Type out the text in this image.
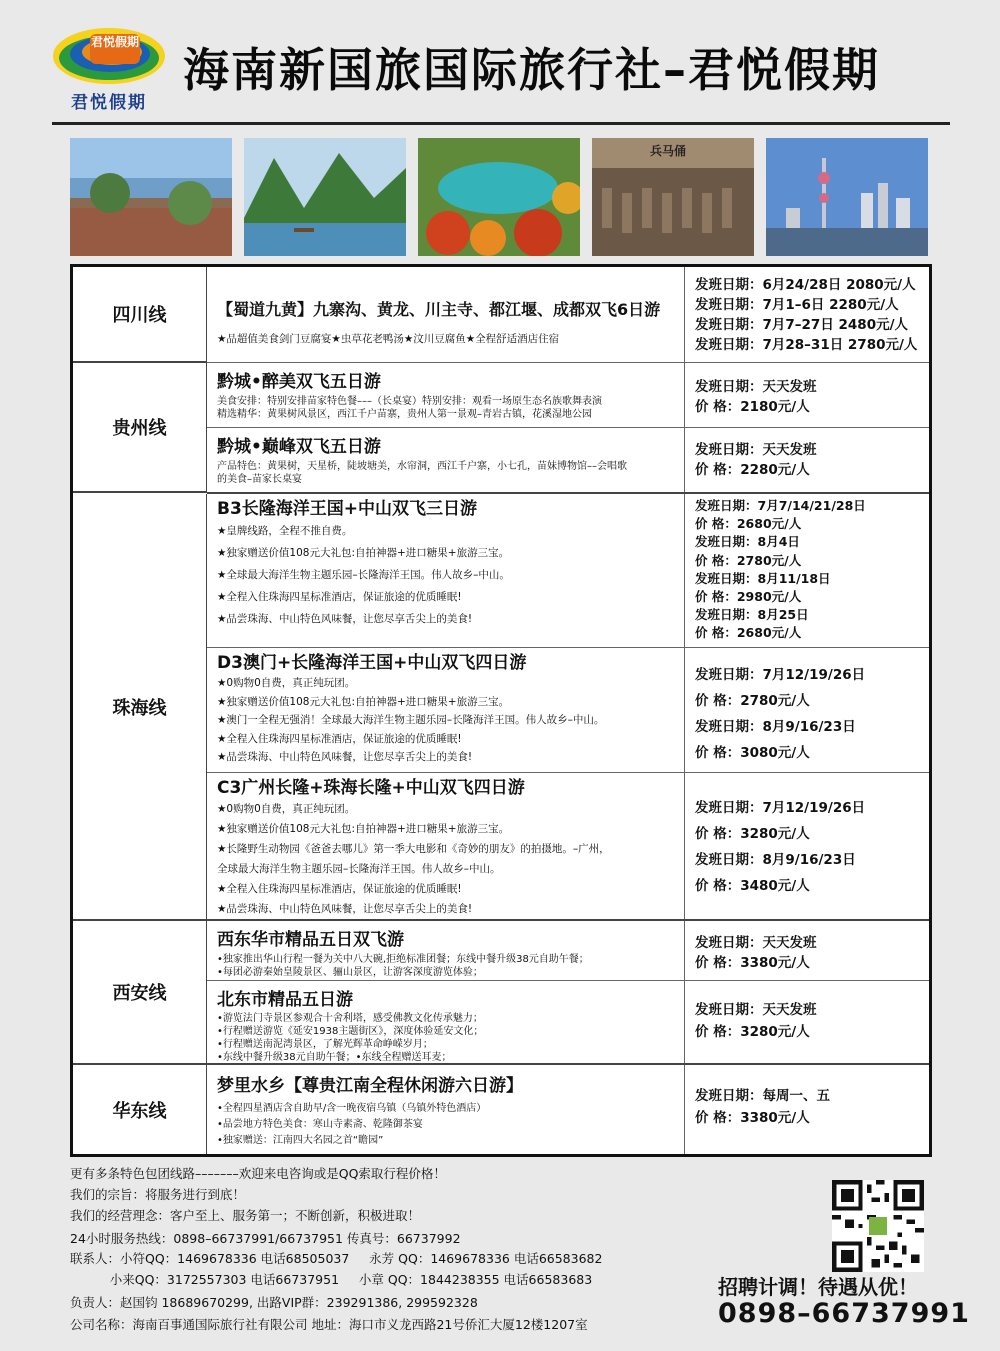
君悦假期
君悦假期
海南新国旅国际旅行社–君悦假期
兵马俑
四川线	【蜀道九黄】九寨沟、黄龙、川主寺、都江堰、成都双飞6日游
★品超值美食剑门豆腐宴★虫草花老鸭汤★汶川豆腐鱼★全程舒适酒店住宿
发班日期：6月24/28日 2080元/人
发班日期：7月1–6日 2280元/人
发班日期：7月7–27日 2480元/人
发班日期：7月28–31日 2780元/人
贵州线
黔城•醉美双飞五日游
美食安排：特别安排苗家特色餐–––（长桌宴）特别安排：观看一场原生态名族歌舞表演
精选精华：黄果树风景区，西江千户苗寨，贵州人第一景观–青岩古镇，花溪湿地公园
发班日期：天天发班
价 格：2180元/人
黔城•巅峰双飞五日游
产品特色：黄果树，天星桥，陡坡塘美，水帘洞，西江千户寨，小七孔，苗妹博物馆––会唱歌
的美食–苗家长桌宴
发班日期：天天发班
价 格：2280元/人
珠海线
B3长隆海洋王国+中山双飞三日游
★皇牌线路，全程不推自费。
★独家赠送价值108元大礼包:自拍神器+进口糖果+旅游三宝。
★全球最大海洋生物主题乐园–长隆海洋王国。伟人故乡–中山。
★全程入住珠海四星标准酒店，保证旅途的优质睡眠!
★品尝珠海、中山特色风味餐，让您尽享舌尖上的美食!
发班日期：7月7/14/21/28日
价 格：2680元/人
发班日期：8月4日
价 格：2780元/人
发班日期：8月11/18日
价 格：2980元/人
发班日期：8月25日
价 格：2680元/人
D3澳门+长隆海洋王国+中山双飞四日游
★0购物0自费，真正纯玩团。
★独家赠送价值108元大礼包:自拍神器+进口糖果+旅游三宝。
★澳门一全程无强消！全球最大海洋生物主题乐园–长隆海洋王国。伟人故乡–中山。
★全程入住珠海四星标准酒店，保证旅途的优质睡眠!
★品尝珠海、中山特色风味餐，让您尽享舌尖上的美食!
发班日期：7月12/19/26日
价 格：2780元/人
发班日期：8月9/16/23日
价 格：3080元/人
C3广州长隆+珠海长隆+中山双飞四日游
★0购物0自费，真正纯玩团。
★独家赠送价值108元大礼包:自拍神器+进口糖果+旅游三宝。
★长隆野生动物园《爸爸去哪儿》第一季大电影和《奇妙的朋友》的拍摄地。–广州，
全球最大海洋生物主题乐园–长隆海洋王国。伟人故乡–中山。
★全程入住珠海四星标准酒店，保证旅途的优质睡眠!
★品尝珠海、中山特色风味餐，让您尽享舌尖上的美食!
发班日期：7月12/19/26日
价 格：3280元/人
发班日期：8月9/16/23日
价 格：3480元/人
西安线
西东华市精品五日双飞游
•独家推出华山行程一餐为关中八大碗,拒绝标准团餐；东线中餐升级38元自助午餐；
•每团必游秦始皇陵景区、骊山景区，让游客深度游览体验；
发班日期：天天发班
价 格：3380元/人
北东市精品五日游
•游览法门寺景区参观合十舍利塔，感受佛教文化传承魅力；
•行程赠送游览《延安1938主题街区》，深度体验延安文化；
•行程赠送南泥湾景区，了解光辉革命峥嵘岁月；
•东线中餐升级38元自助午餐；•东线全程赠送耳麦；
发班日期：天天发班
价 格：3280元/人
华东线
梦里水乡【尊贵江南全程休闲游六日游】
•全程四星酒店含自助早/含一晚夜宿乌镇（乌镇外特色酒店）
•品尝地方特色美食：寒山寺素斋、乾隆御茶宴
•独家赠送：江南四大名园之首“瞻园”
发班日期：每周一、五
价 格：3380元/人
更有多条特色包团线路–––––––欢迎来电咨询或是QQ索取行程价格！
我们的宗旨：将服务进行到底！
我们的经营理念：客户至上、服务第一；不断创新，积极进取！
24小时服务热线：0898–66737991/66737951 传真号：66737992
联系人：小符QQ：1469678336 电话68505037     永芳 QQ：1469678336 电话66583682
小来QQ：3172557303 电话66737951     小章 QQ：1844238355 电话66583683
负责人：赵国钧 18689670299, 出路VIP群：239291386, 299592328
公司名称：海南百事通国际旅行社有限公司 地址：海口市义龙西路21号侨汇大厦12楼1207室
招聘计调！待遇从优！
0898–66737991
